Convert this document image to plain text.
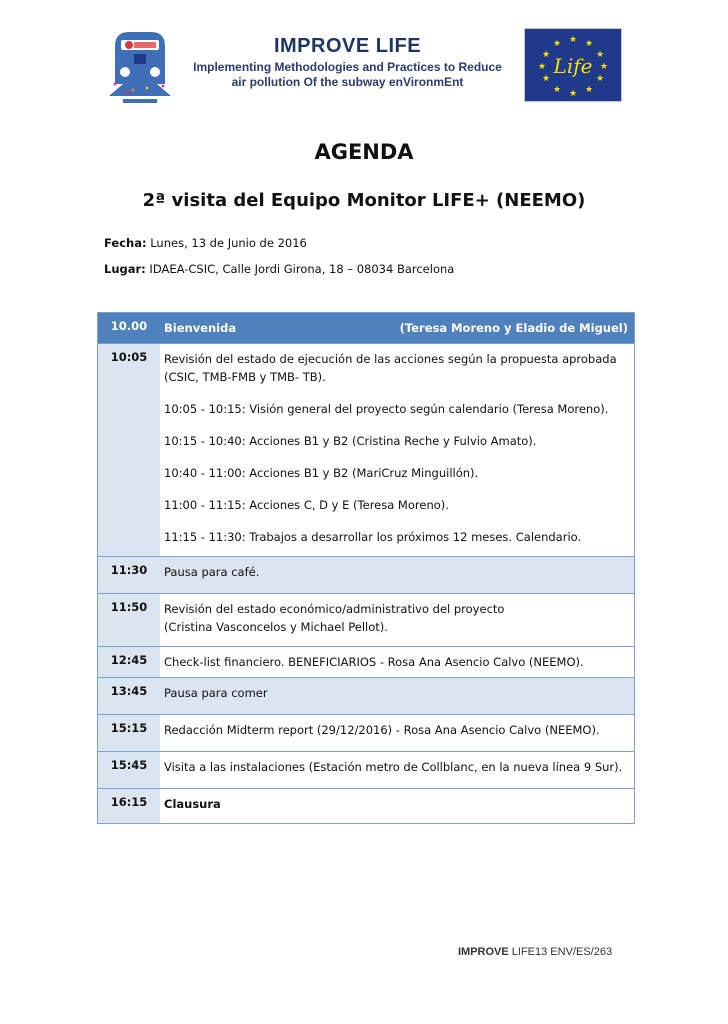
IMPROVE LIFE
Implementing Methodologies and Practices to Reduce
air pollution Of the subway enVironmEnt
★ ★
★
★
★
★
★
★
★
★
★
★
Life
AGENDA
2ª visita del Equipo Monitor LIFE+ (NEEMO)
Fecha: Lunes, 13 de Junio de 2016
Lugar: IDAEA-CSIC, Calle Jordi Girona, 18 – 08034 Barcelona
10.00	Bienvenida	(Teresa Moreno y Eladio de Miguel)
10:05	Revisión del estado de ejecución de las acciones según la propuesta aprobada (CSIC, TMB-FMB y TMB- TB).
10:05 - 10:15: Visión general del proyecto según calendario (Teresa Moreno).
10:15 - 10:40: Acciones B1 y B2 (Cristina Reche y Fulvio Amato).
10:40 - 11:00: Acciones B1 y B2 (MariCruz Minguillón).
11:00 - 11:15: Acciones C, D y E (Teresa Moreno).
11:15 - 11:30: Trabajos a desarrollar los próximos 12 meses. Calendario.
11:30	Pausa para café.
11:50	Revisión del estado económico/administrativo del proyecto
(Cristina Vasconcelos y Michael Pellot).
12:45	Check-list financiero. BENEFICIARIOS - Rosa Ana Asencio Calvo (NEEMO).
13:45	Pausa para comer
15:15	Redacción Midterm report (29/12/2016) - Rosa Ana Asencio Calvo (NEEMO).
15:45	Visita a las instalaciones (Estación metro de Collblanc, en la nueva línea 9 Sur).
16:15	Clausura
IMPROVE LIFE13 ENV/ES/263
